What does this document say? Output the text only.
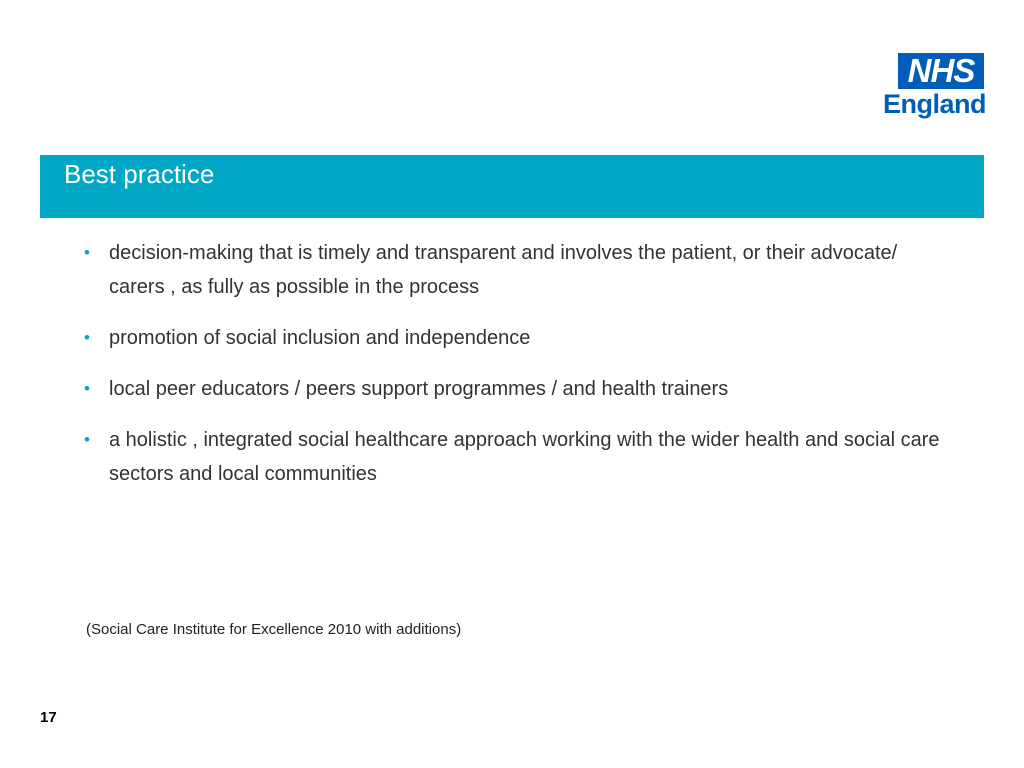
NHS
England
Best practice
• decision-making that is timely and transparent and involves the patient, or their advocate/ carers , as fully as possible in the process
• promotion of social inclusion and independence
• local peer educators / peers support programmes / and health trainers
• a holistic , integrated social healthcare approach working with the wider health and social care sectors and local communities
(Social Care Institute for Excellence 2010 with additions)
17
